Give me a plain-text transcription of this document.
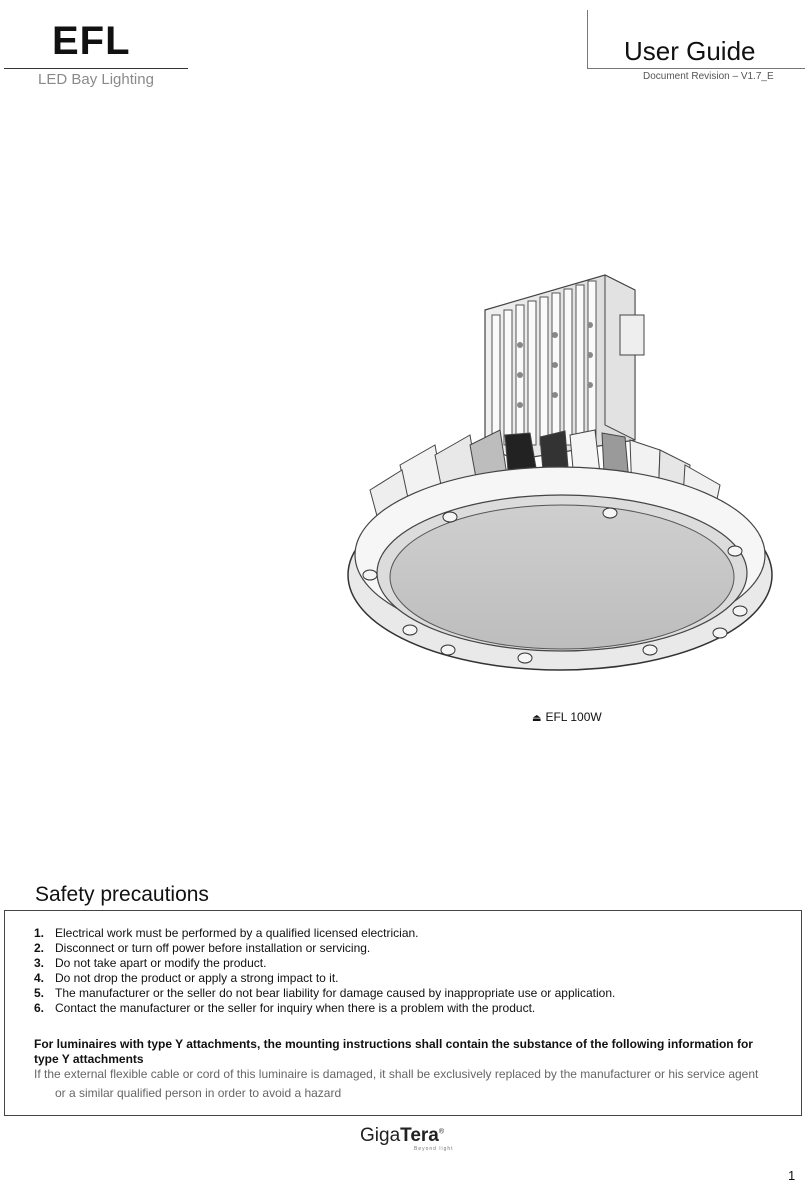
EFL
LED Bay Lighting
User Guide
Document Revision – V1.7_E
⏏ EFL 100W
Safety precautions
1. Electrical work must be performed by a qualified licensed electrician.
2. Disconnect or turn off power before installation or servicing.
3. Do not take apart or modify the product.
4. Do not drop the product or apply a strong impact to it.
5. The manufacturer or the seller do not bear liability for damage caused by inappropriate use or application.
6. Contact the manufacturer or the seller for inquiry when there is a problem with the product.
For luminaires with type Y attachments, the mounting instructions shall contain the substance of the following information for type Y attachments
If the external flexible cable or cord of this luminaire is damaged, it shall be exclusively replaced by the manufacturer or his service agent
or a similar qualified person in order to avoid a hazard
GigaTera®
Beyond light
1
